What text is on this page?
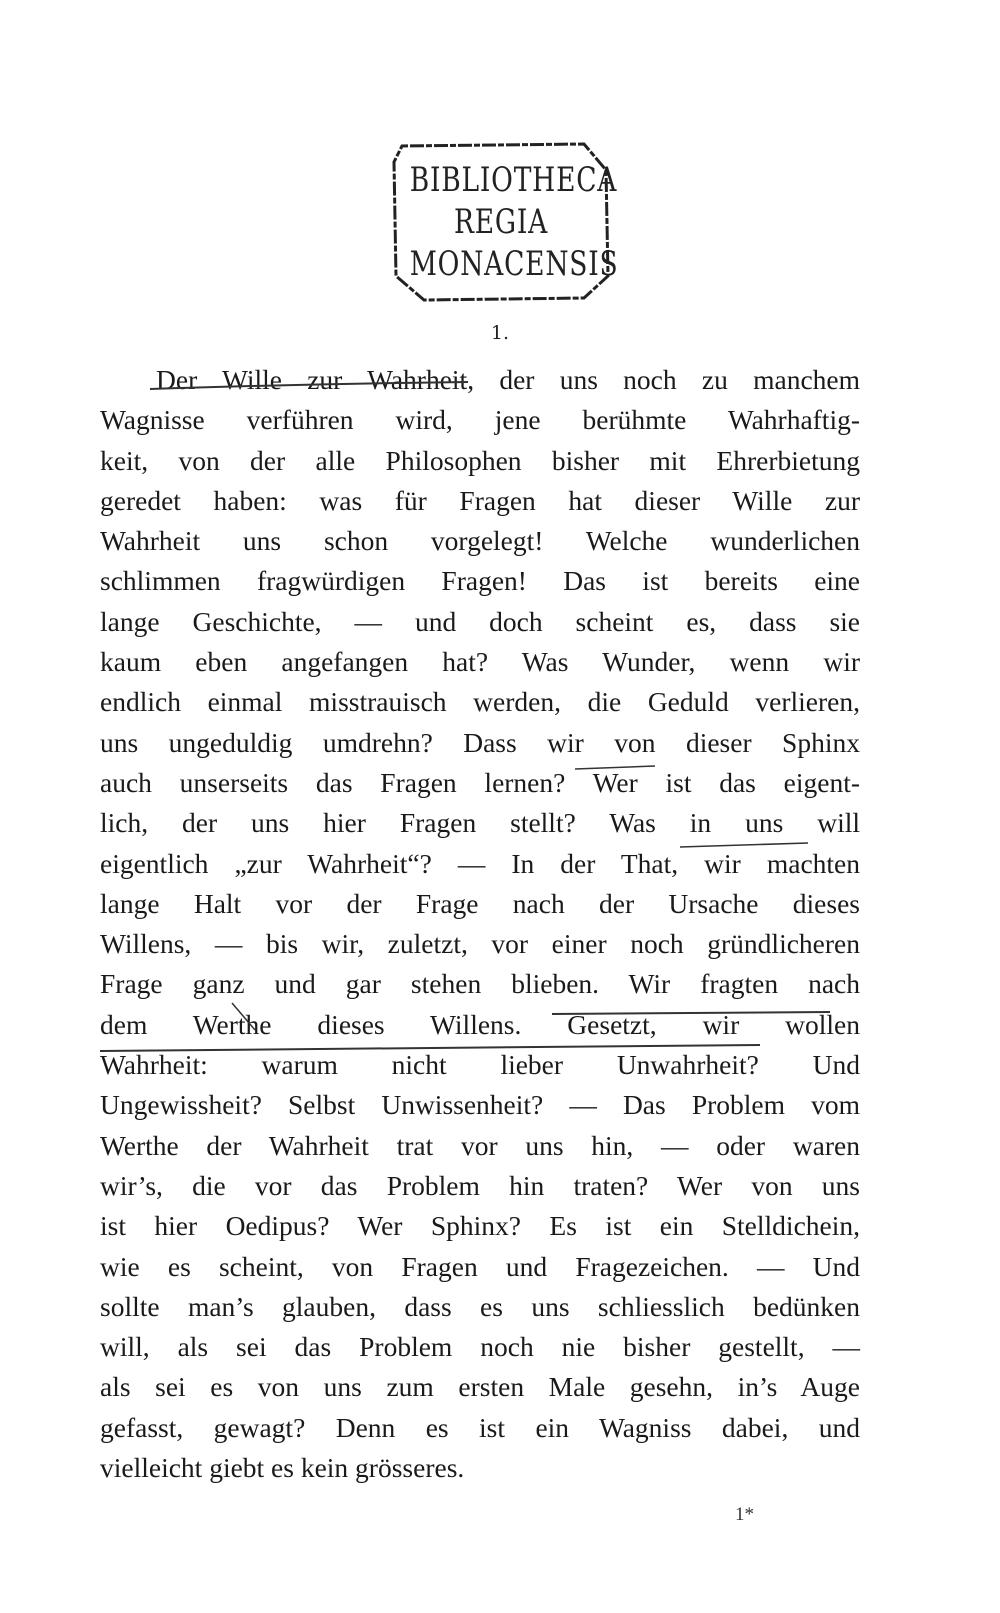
BIBLIOTHECA
REGIA
MONACENSIS
1.
Der Wille zur Wahrheit, der uns noch zu manchem
Wagnisse verführen wird, jene berühmte Wahrhaftig-
keit, von der alle Philosophen bisher mit Ehrerbietung
geredet haben: was für Fragen hat dieser Wille zur
Wahrheit uns schon vorgelegt! Welche wunderlichen
schlimmen fragwürdigen Fragen! Das ist bereits eine
lange Geschichte, — und doch scheint es, dass sie
kaum eben angefangen hat? Was Wunder, wenn wir
endlich einmal misstrauisch werden, die Geduld verlieren,
uns ungeduldig umdrehn? Dass wir von dieser Sphinx
auch unserseits das Fragen lernen? Wer ist das eigent-
lich, der uns hier Fragen stellt? Was in uns will
eigentlich „zur Wahrheit“? — In der That, wir machten
lange Halt vor der Frage nach der Ursache dieses
Willens, — bis wir, zuletzt, vor einer noch gründlicheren
Frage ganz und gar stehen blieben. Wir fragten nach
dem Werthe dieses Willens. Gesetzt, wir wollen
Wahrheit: warum nicht lieber Unwahrheit? Und
Ungewissheit? Selbst Unwissenheit? — Das Problem vom
Werthe der Wahrheit trat vor uns hin, — oder waren
wir’s, die vor das Problem hin traten? Wer von uns
ist hier Oedipus? Wer Sphinx? Es ist ein Stelldichein,
wie es scheint, von Fragen und Fragezeichen. — Und
sollte man’s glauben, dass es uns schliesslich bedünken
will, als sei das Problem noch nie bisher gestellt, —
als sei es von uns zum ersten Male gesehn, in’s Auge
gefasst, gewagt? Denn es ist ein Wagniss dabei, und
vielleicht giebt es kein grösseres.
1*
